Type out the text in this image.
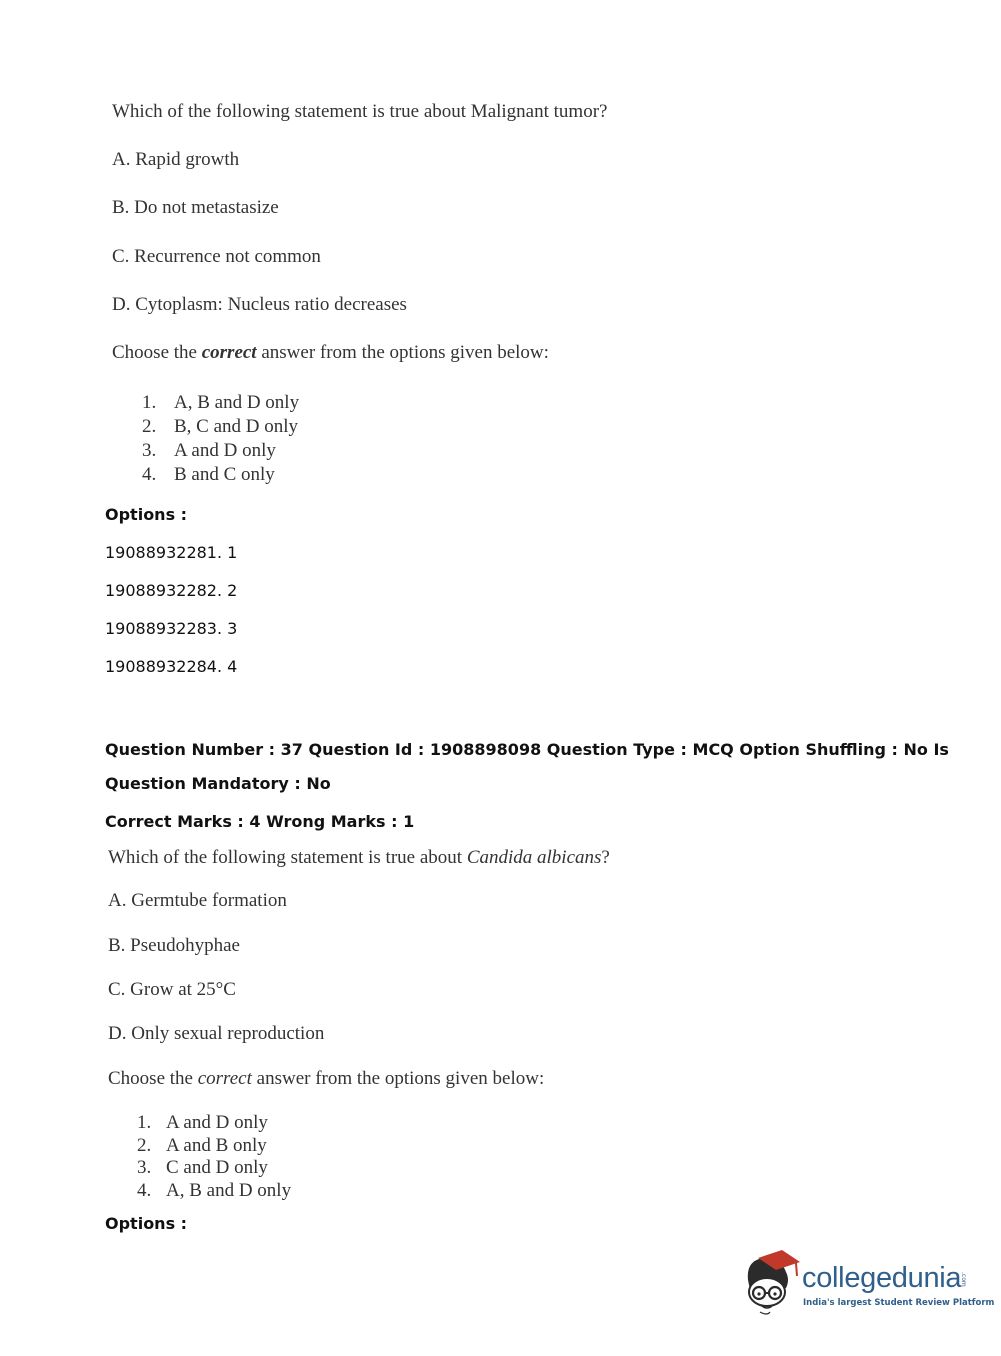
Which of the following statement is true about Malignant tumor?
A. Rapid growth
B. Do not metastasize
C. Recurrence not common
D. Cytoplasm: Nucleus ratio decreases
Choose the correct answer from the options given below:
1. A, B and D only
2. B, C and D only
3. A and D only
4. B and C only
Options :
19088932281. 1
19088932282. 2
19088932283. 3
19088932284. 4
Question Number : 37 Question Id : 1908898098 Question Type : MCQ Option Shuffling : No Is
Question Mandatory : No
Correct Marks : 4 Wrong Marks : 1
Which of the following statement is true about Candida albicans?
A. Germtube formation
B. Pseudohyphae
C. Grow at 25°C
D. Only sexual reproduction
Choose the correct answer from the options given below:
1. A and D only
2. A and B only
3. C and D only
4. A, B and D only
Options :
collegedunia
.com
India's largest Student Review Platform
